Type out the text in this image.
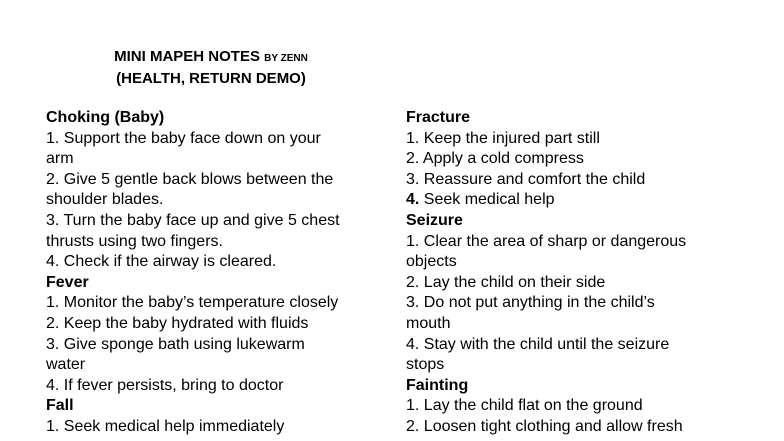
MINI MAPEH NOTES BY ZENN
(HEALTH, RETURN DEMO)
Choking (Baby)
1. Support the baby face down on your
arm
2. Give 5 gentle back blows between the
shoulder blades.
3. Turn the baby face up and give 5 chest
thrusts using two fingers.
4. Check if the airway is cleared.
Fever
1. Monitor the baby’s temperature closely
2. Keep the baby hydrated with fluids
3. Give sponge bath using lukewarm
water
4. If fever persists, bring to doctor
Fall
1. Seek medical help immediately
Fracture
1. Keep the injured part still
2. Apply a cold compress
3. Reassure and comfort the child
4. Seek medical help
Seizure
1. Clear the area of sharp or dangerous
objects
2. Lay the child on their side
3. Do not put anything in the child’s
mouth
4. Stay with the child until the seizure
stops
Fainting
1. Lay the child flat on the ground
2. Loosen tight clothing and allow fresh
